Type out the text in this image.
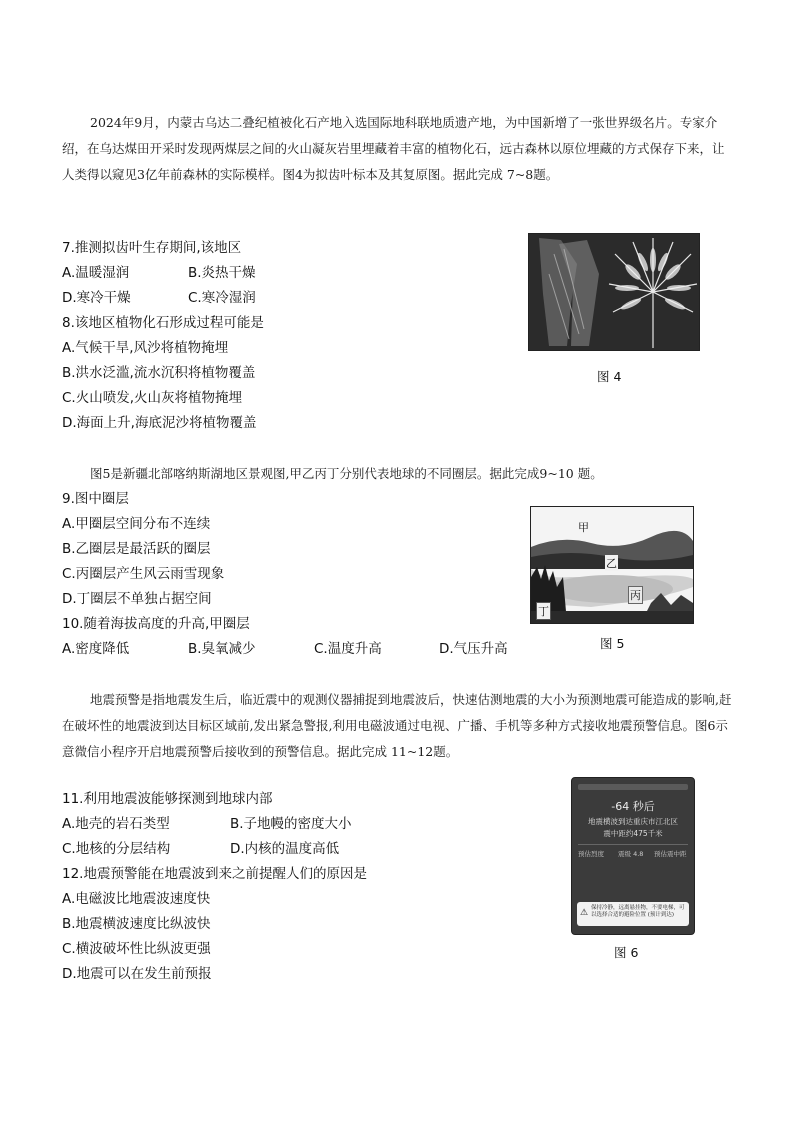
2024年9月，内蒙古乌达二叠纪植被化石产地入选国际地科联地质遗产地，为中国新增了一张世界级名片。专家介绍，在乌达煤田开采时发现两煤层之间的火山凝灰岩里埋藏着丰富的植物化石，远古森林以原位埋藏的方式保存下来，让人类得以窥见3亿年前森林的实际模样。图4为拟齿叶标本及其复原图。据此完成 7~8题。
7.推测拟齿叶生存期间,该地区
A.温暖湿润	B.炎热干燥
D.寒冷干燥	C.寒冷湿润
8.该地区植物化石形成过程可能是
A.气候干旱,风沙将植物掩埋
B.洪水泛滥,流水沉积将植物覆盖
C.火山喷发,火山灰将植物掩埋
D.海面上升,海底泥沙将植物覆盖
图 4
图5是新疆北部喀纳斯湖地区景观图,甲乙丙丁分别代表地球的不同圈层。据此完成9~10 题。
9.图中圈层
A.甲圈层空间分布不连续
B.乙圈层是最活跃的圈层
C.丙圈层产生风云雨雪现象
D.丁圈层不单独占据空间
10.随着海拔高度的升高,甲圈层
A.密度降低	B.臭氧减少	C.温度升高	D.气压升高
甲
乙
丙
丁
图 5
地震预警是指地震发生后，临近震中的观测仪器捕捉到地震波后，快速估测地震的大小为预测地震可能造成的影响,赶在破坏性的地震波到达目标区域前,发出紧急警报,利用电磁波通过电视、广播、手机等多种方式接收地震预警信息。图6示意微信小程序开启地震预警后接收到的预警信息。据此完成 11~12题。
11.利用地震波能够探测到地球内部
A.地壳的岩石类型	B.子地幔的密度大小
C.地核的分层结构	D.内核的温度高低
12.地震预警能在地震波到来之前提醒人们的原因是
A.电磁波比地震波速度快
B.地震横波速度比纵波快
C.横波破坏性比纵波更强
D.地震可以在发生前预报
-64 秒后
地震横波到达重庆市江北区
震中距约475千米
预估烈度 震级 4.8 预估震中距
⚠ 保持冷静，远离悬挂物，不要电梯，可以选择合适的避险位置 (预计到达)
图 6
